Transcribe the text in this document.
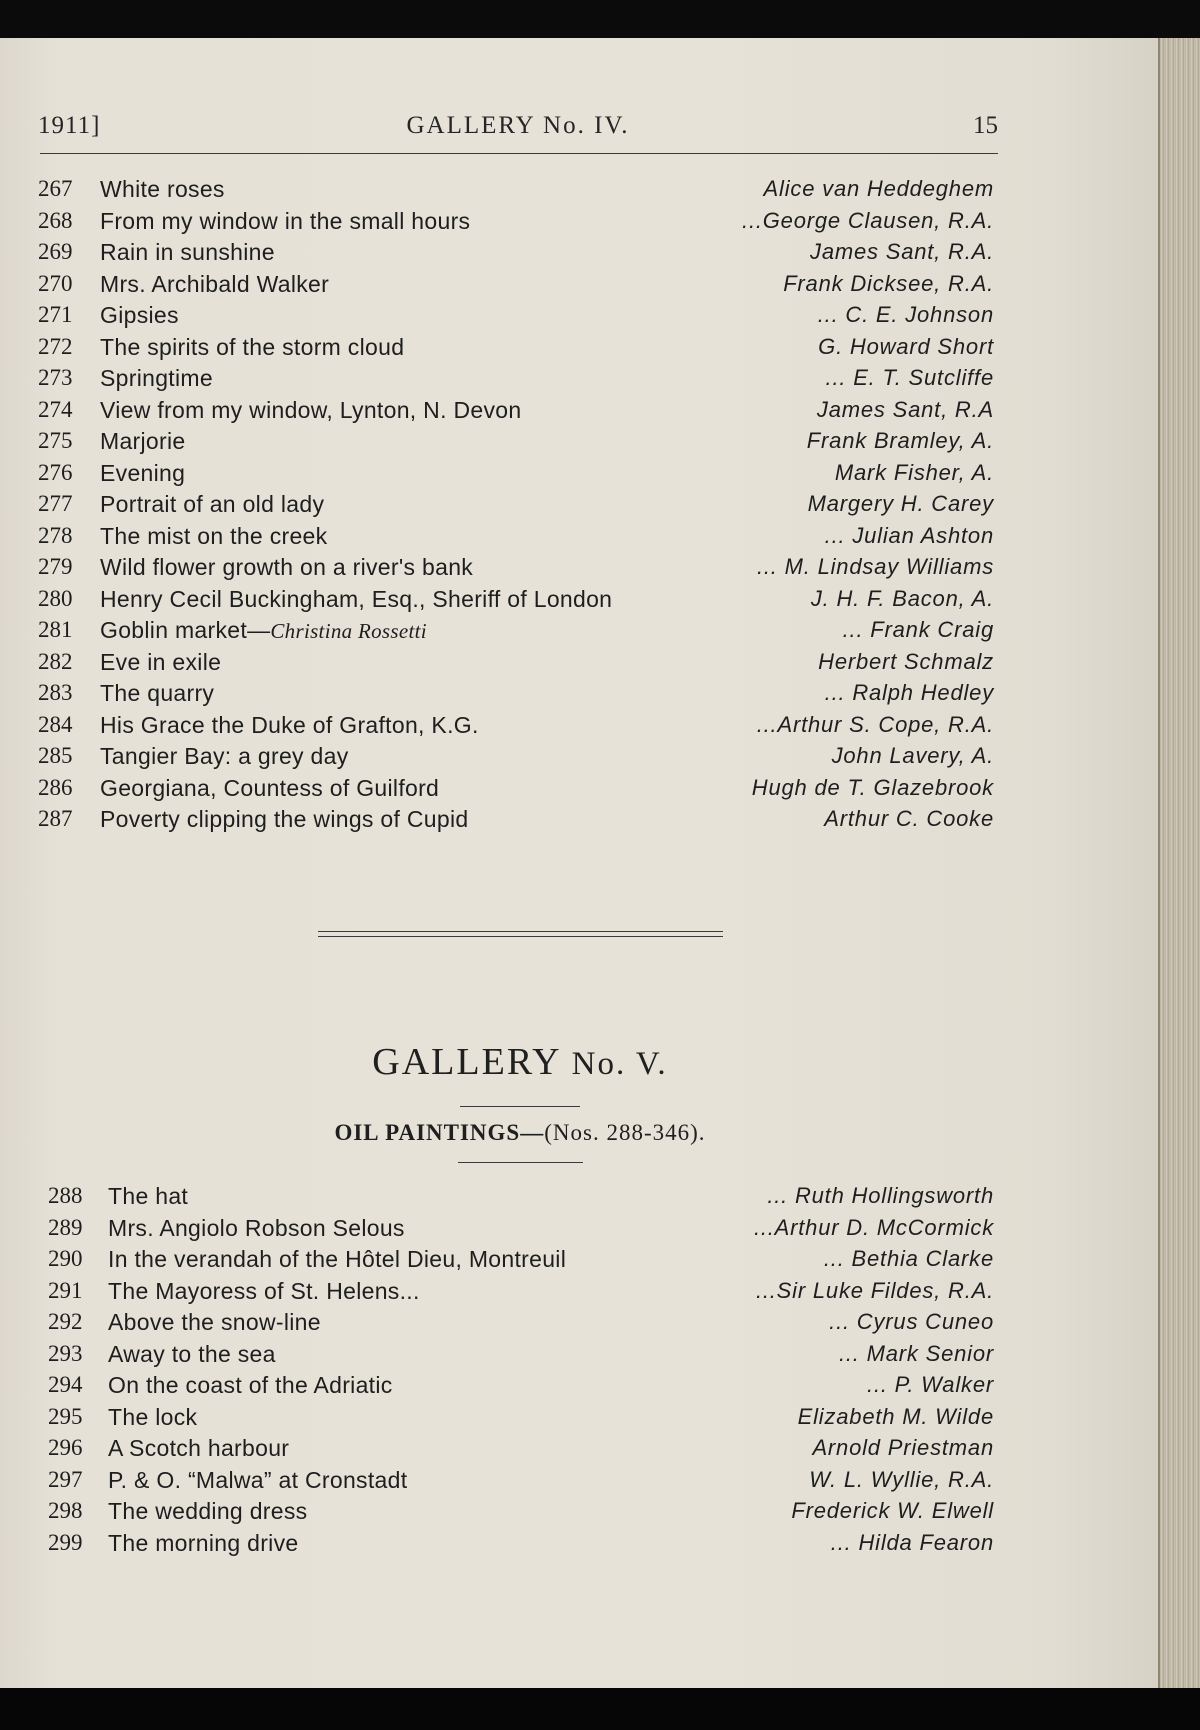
1911]	GALLERY No. IV.	15
267	White roses	Alice van Heddeghem
268	From my window in the small hours	...George Clausen, R.A.
269	Rain in sunshine	James Sant, R.A.
270	Mrs. Archibald Walker	Frank Dicksee, R.A.
271	Gipsies	... C. E. Johnson
272	The spirits of the storm cloud	G. Howard Short
273	Springtime	... E. T. Sutcliffe
274	View from my window, Lynton, N. Devon	James Sant, R.A
275	Marjorie	Frank Bramley, A.
276	Evening	Mark Fisher, A.
277	Portrait of an old lady	Margery H. Carey
278	The mist on the creek	... Julian Ashton
279	Wild flower growth on a river's bank	... M. Lindsay Williams
280	Henry Cecil Buckingham, Esq., Sheriff of London	J. H. F. Bacon, A.
281	Goblin market—Christina Rossetti	... Frank Craig
282	Eve in exile	Herbert Schmalz
283	The quarry	... Ralph Hedley
284	His Grace the Duke of Grafton, K.G.	...Arthur S. Cope, R.A.
285	Tangier Bay: a grey day	John Lavery, A.
286	Georgiana, Countess of Guilford	Hugh de T. Glazebrook
287	Poverty clipping the wings of Cupid	Arthur C. Cooke
GALLERY No. V.
OIL PAINTINGS—(Nos. 288-346).
288	The hat	... Ruth Hollingsworth
289	Mrs. Angiolo Robson Selous	...Arthur D. McCormick
290	In the verandah of the Hôtel Dieu, Montreuil	... Bethia Clarke
291	The Mayoress of St. Helens...	...Sir Luke Fildes, R.A.
292	Above the snow-line	... Cyrus Cuneo
293	Away to the sea	... Mark Senior
294	On the coast of the Adriatic	... P. Walker
295	The lock	Elizabeth M. Wilde
296	A Scotch harbour	Arnold Priestman
297	P. & O. “Malwa” at Cronstadt	W. L. Wyllie, R.A.
298	The wedding dress	Frederick W. Elwell
299	The morning drive	... Hilda Fearon
